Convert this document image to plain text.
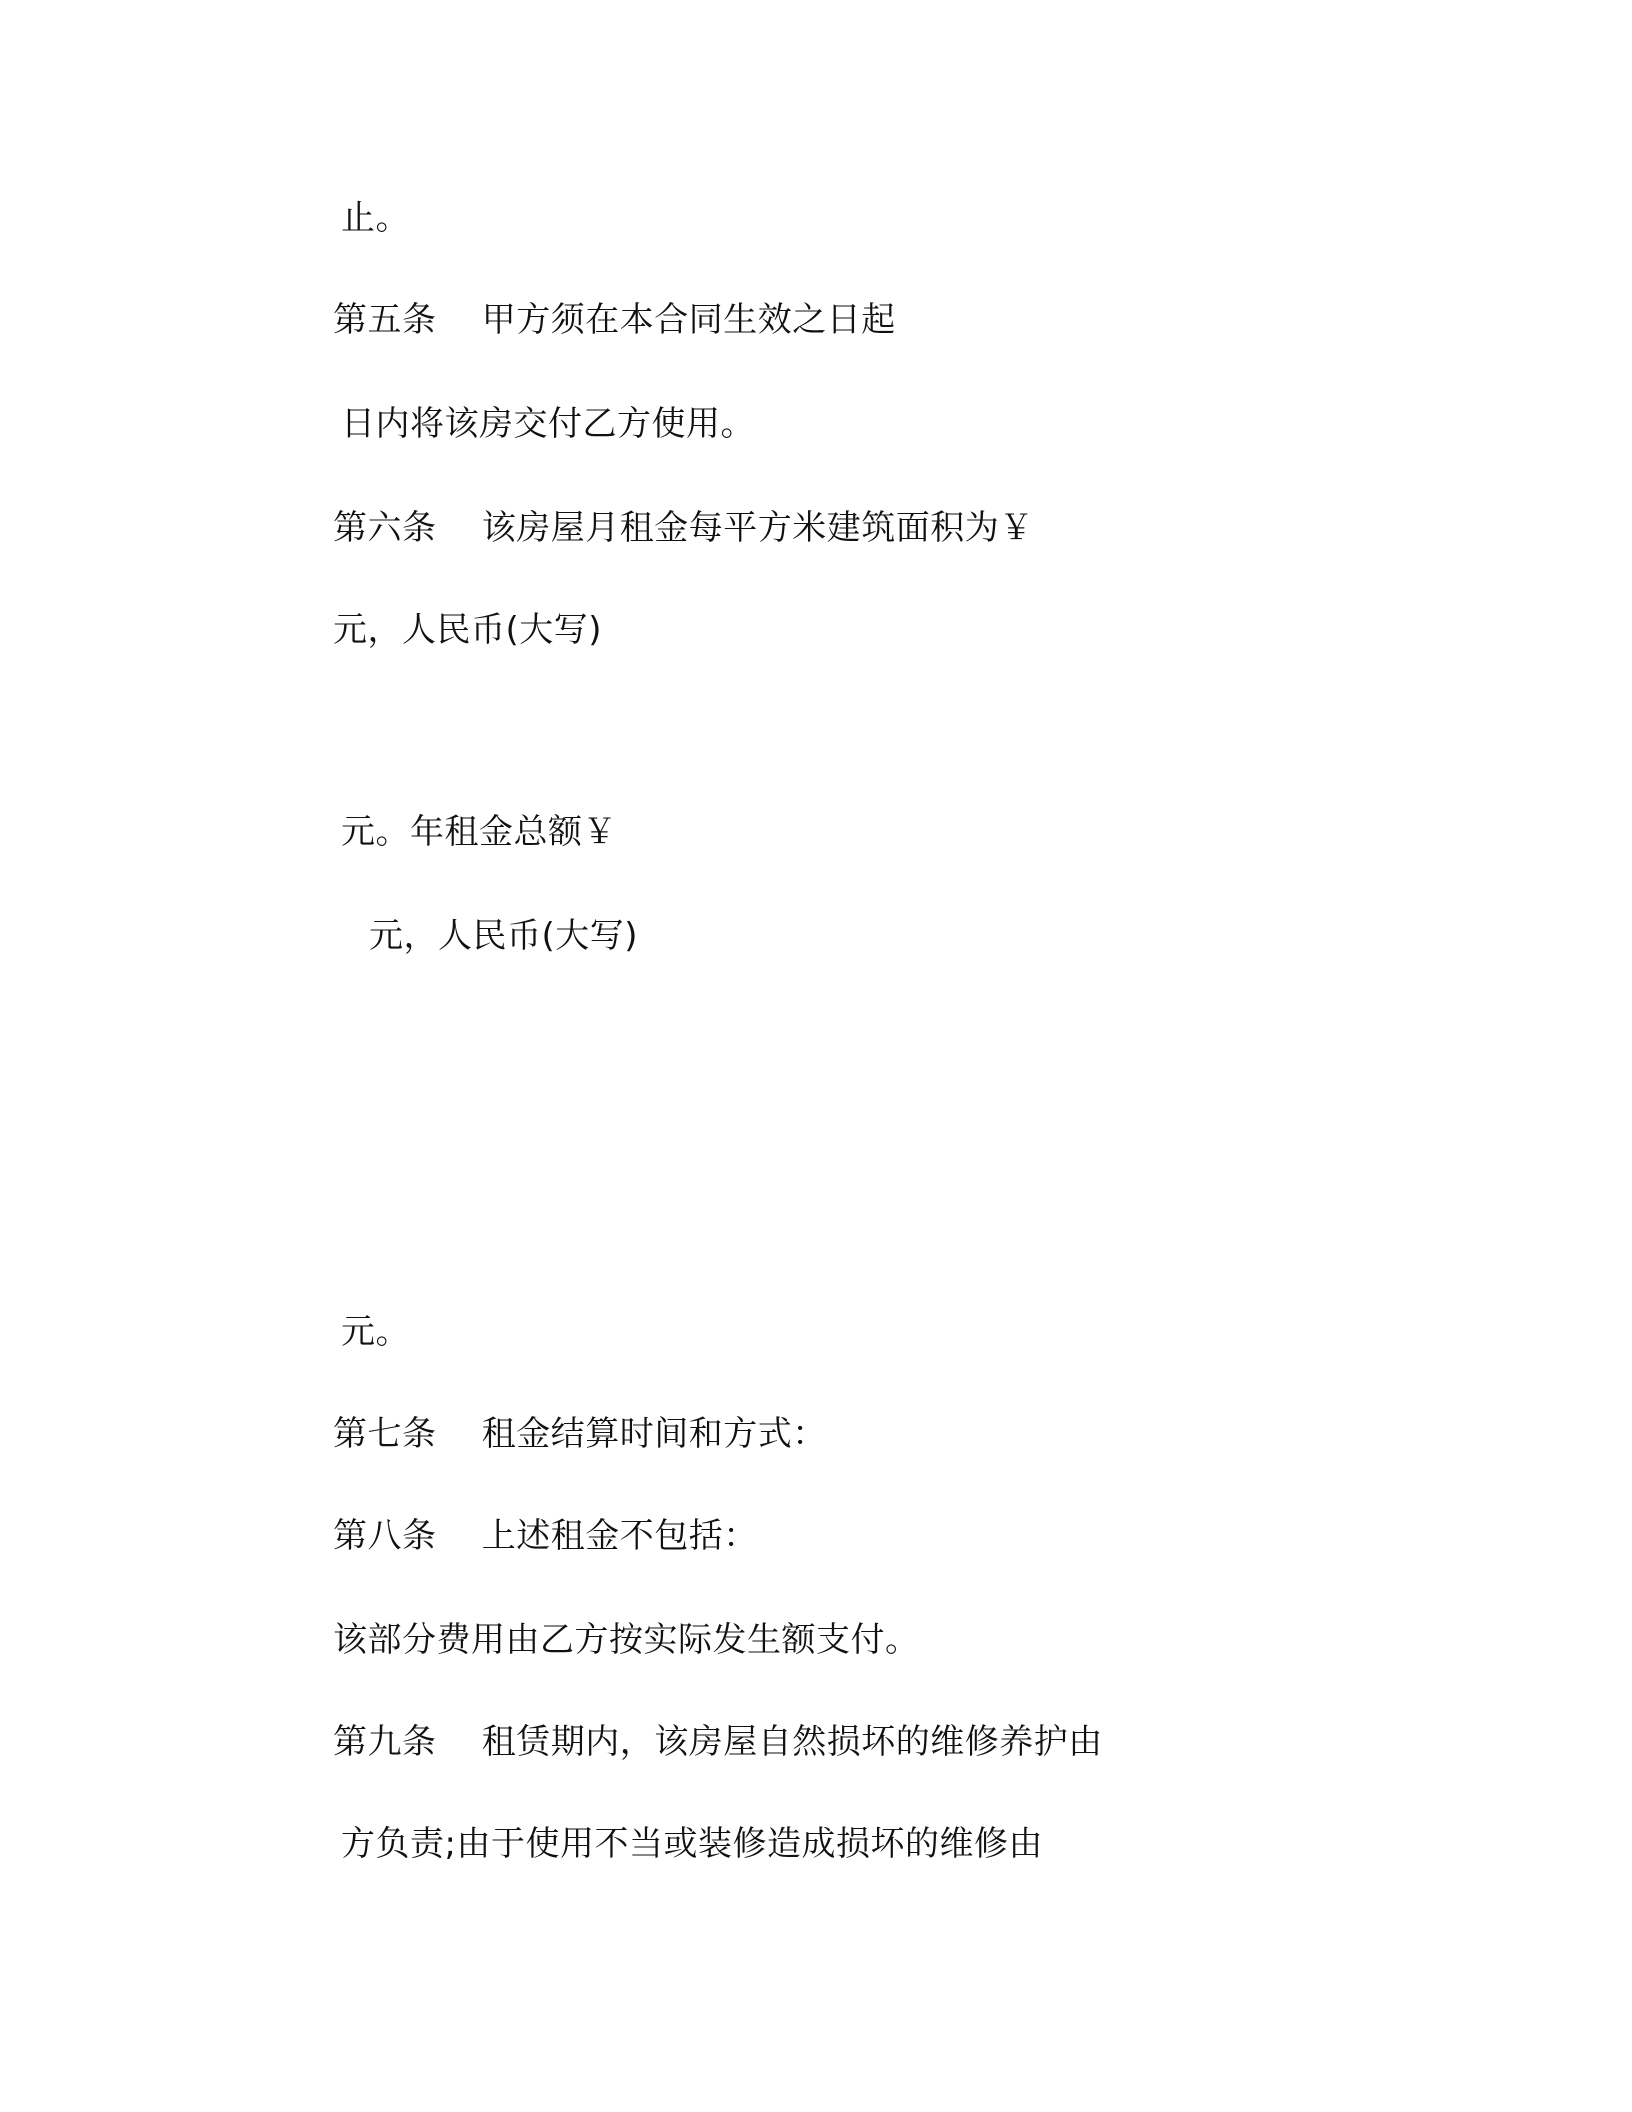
止。
第五条    甲方须在本合同生效之日起
日内将该房交付乙方使用。
第六条    该房屋月租金每平方米建筑面积为￥
元，人民币(大写)
元。年租金总额￥
元，人民币(大写)
元。
第七条    租金结算时间和方式：
第八条    上述租金不包括：
该部分费用由乙方按实际发生额支付。
第九条    租赁期内，该房屋自然损坏的维修养护由
方负责;由于使用不当或装修造成损坏的维修由
